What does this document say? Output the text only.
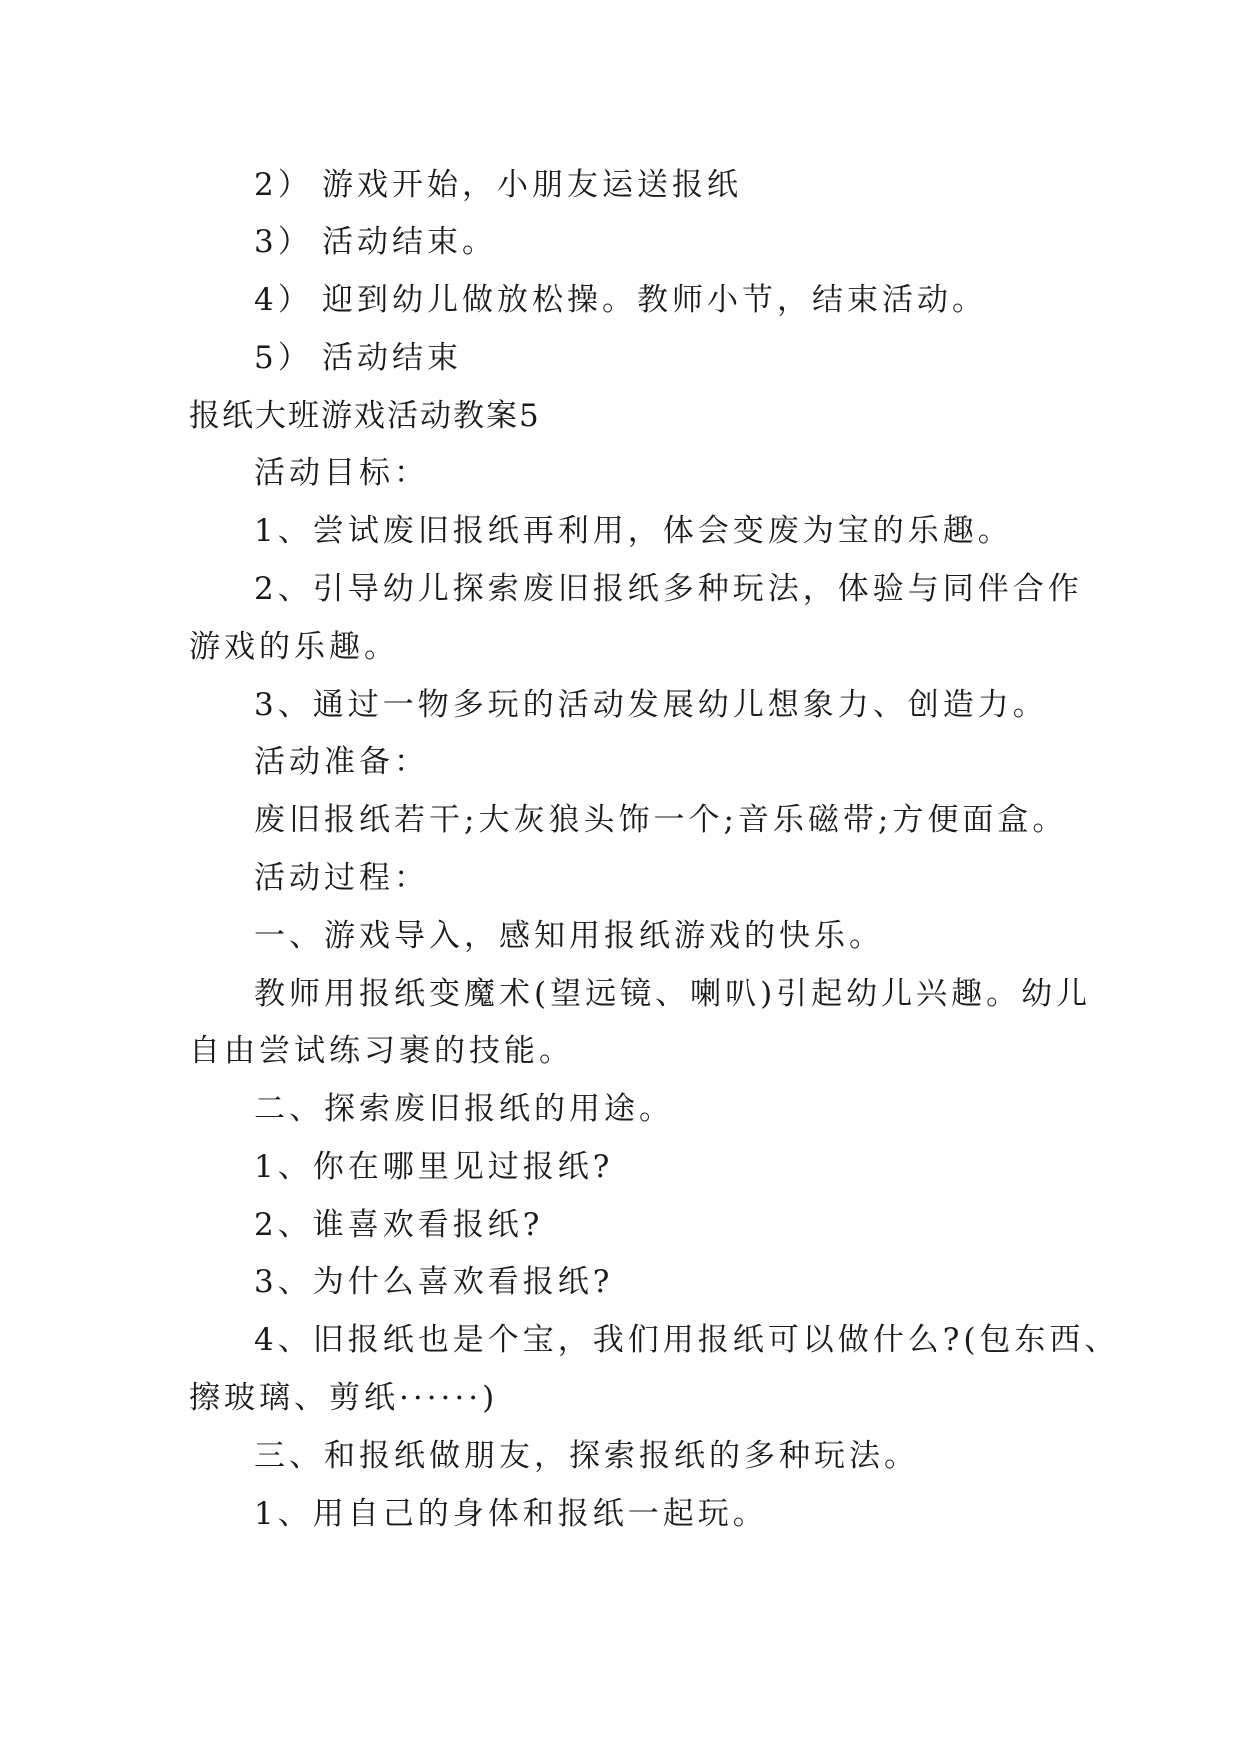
2） 游戏开始，小朋友运送报纸
3） 活动结束。
4） 迎到幼儿做放松操。教师小节，结束活动。
5） 活动结束
报纸大班游戏活动教案5
活动目标：
1、尝试废旧报纸再利用，体会变废为宝的乐趣。
2、引导幼儿探索废旧报纸多种玩法，体验与同伴合作
游戏的乐趣。
3、通过一物多玩的活动发展幼儿想象力、创造力。
活动准备：
废旧报纸若干;大灰狼头饰一个;音乐磁带;方便面盒。
活动过程：
一、游戏导入，感知用报纸游戏的快乐。
教师用报纸变魔术(望远镜、喇叭)引起幼儿兴趣。幼儿
自由尝试练习裹的技能。
二、探索废旧报纸的用途。
1、你在哪里见过报纸?
2、谁喜欢看报纸?
3、为什么喜欢看报纸?
4、旧报纸也是个宝，我们用报纸可以做什么?(包东西、
擦玻璃、剪纸······)
三、和报纸做朋友，探索报纸的多种玩法。
1、用自己的身体和报纸一起玩。
